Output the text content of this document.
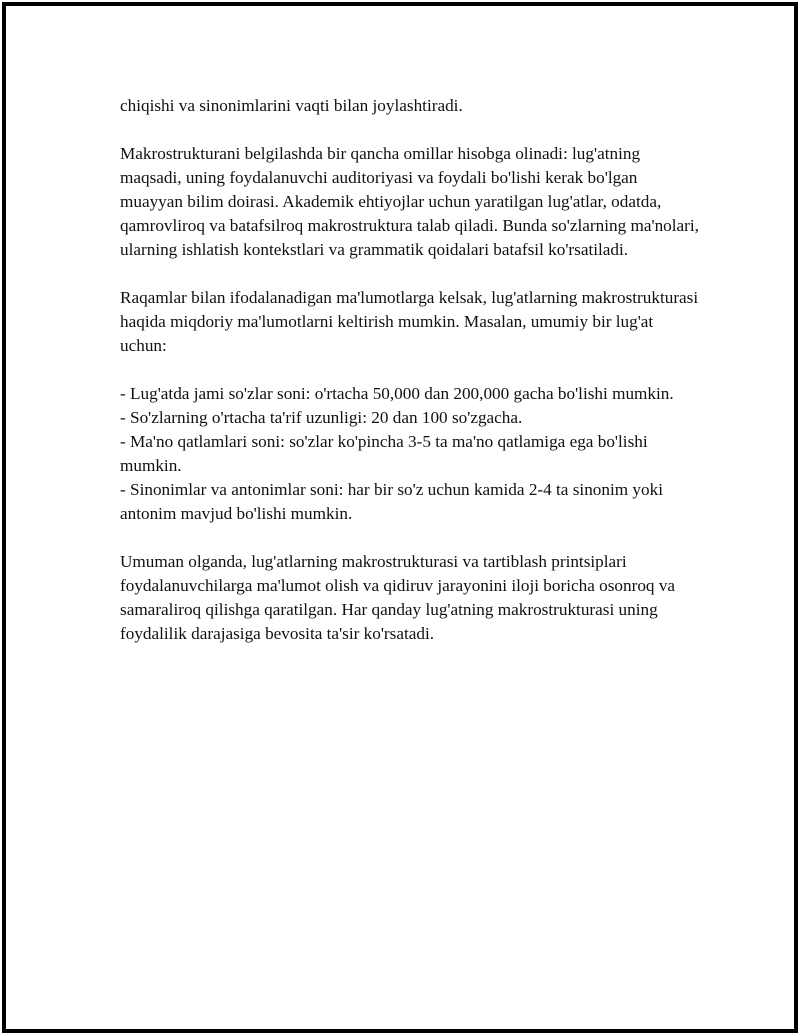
chiqishi va sinonimlarini vaqti bilan joylashtiradi.

Makrostrukturani belgilashda bir qancha omillar hisobga olinadi: lug'atning maqsadi, uning foydalanuvchi auditoriyasi va foydali bo'lishi kerak bo'lgan muayyan bilim doirasi. Akademik ehtiyojlar uchun yaratilgan lug'atlar, odatda, qamrovliroq va batafsilroq makrostruktura talab qiladi. Bunda so'zlarning ma'nolari, ularning ishlatish kontekstlari va grammatik qoidalari batafsil ko'rsatiladi.

Raqamlar bilan ifodalanadigan ma'lumotlarga kelsak, lug'atlarning makrostrukturasi haqida miqdoriy ma'lumotlarni keltirish mumkin. Masalan, umumiy bir lug'at uchun:

- Lug'atda jami so'zlar soni: o'rtacha 50,000 dan 200,000 gacha bo'lishi mumkin.
- So'zlarning o'rtacha ta'rif uzunligi: 20 dan 100 so'zgacha.
- Ma'no qatlamlari soni: so'zlar ko'pincha 3-5 ta ma'no qatlamiga ega bo'lishi mumkin.
- Sinonimlar va antonimlar soni: har bir so'z uchun kamida 2-4 ta sinonim yoki antonim mavjud bo'lishi mumkin.

Umuman olganda, lug'atlarning makrostrukturasi va tartiblash printsiplari foydalanuvchilarga ma'lumot olish va qidiruv jarayonini iloji boricha osonroq va samaraliroq qilishga qaratilgan. Har qanday lug'atning makrostrukturasi uning foydalilik darajasiga bevosita ta'sir ko'rsatadi.
